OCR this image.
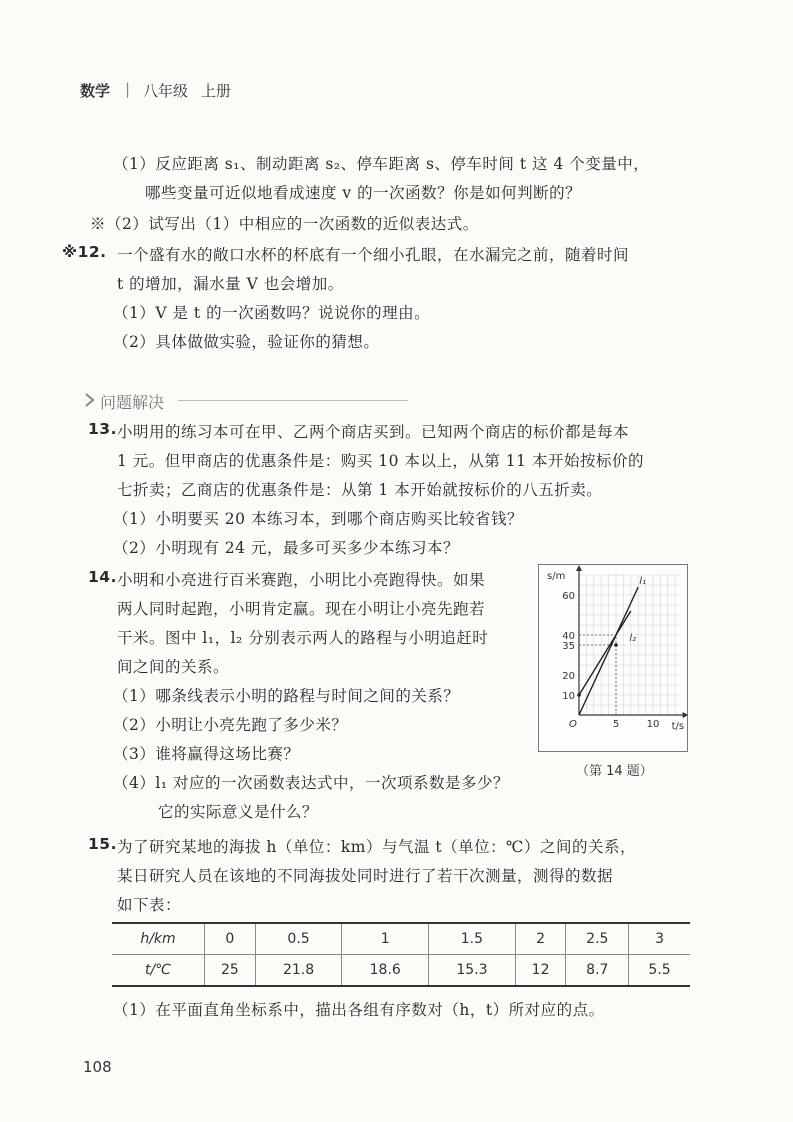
数学 | 八年级 上册
（1）反应距离 s₁、制动距离 s₂、停车距离 s、停车时间 t 这 4 个变量中，
哪些变量可近似地看成速度 v 的一次函数？你是如何判断的？
※（2）试写出（1）中相应的一次函数的近似表达式。
※12. 一个盛有水的敞口水杯的杯底有一个细小孔眼，在水漏完之前，随着时间
t 的增加，漏水量 V 也会增加。
（1）V 是 t 的一次函数吗？说说你的理由。
（2）具体做做实验，验证你的猜想。
问题解决
13. 小明用的练习本可在甲、乙两个商店买到。已知两个商店的标价都是每本
1 元。但甲商店的优惠条件是：购买 10 本以上，从第 11 本开始按标价的
七折卖；乙商店的优惠条件是：从第 1 本开始就按标价的八五折卖。
（1）小明要买 20 本练习本，到哪个商店购买比较省钱？
（2）小明现有 24 元，最多可买多少本练习本？
14. 小明和小亮进行百米赛跑，小明比小亮跑得快。如果
两人同时起跑，小明肯定赢。现在小明让小亮先跑若
干米。图中 l₁，l₂ 分别表示两人的路程与小明追赶时
间之间的关系。
（1）哪条线表示小明的路程与时间之间的关系？
（2）小明让小亮先跑了多少米？
（3）谁将赢得这场比赛？
（4）l₁ 对应的一次函数表达式中，一次项系数是多少？
它的实际意义是什么？
s/m
t/s
O
60
40
35
20
10
5	10
l₁
l₂
（第 14 题）
15. 为了研究某地的海拔 h（单位：km）与气温 t（单位：℃）之间的关系，
某日研究人员在该地的不同海拔处同时进行了若干次测量，测得的数据
如下表：
h/km	0	0.5	1	1.5	2	2.5	3
t/℃	25	21.8	18.6	15.3	12	8.7	5.5
（1）在平面直角坐标系中，描出各组有序数对（h，t）所对应的点。
108
